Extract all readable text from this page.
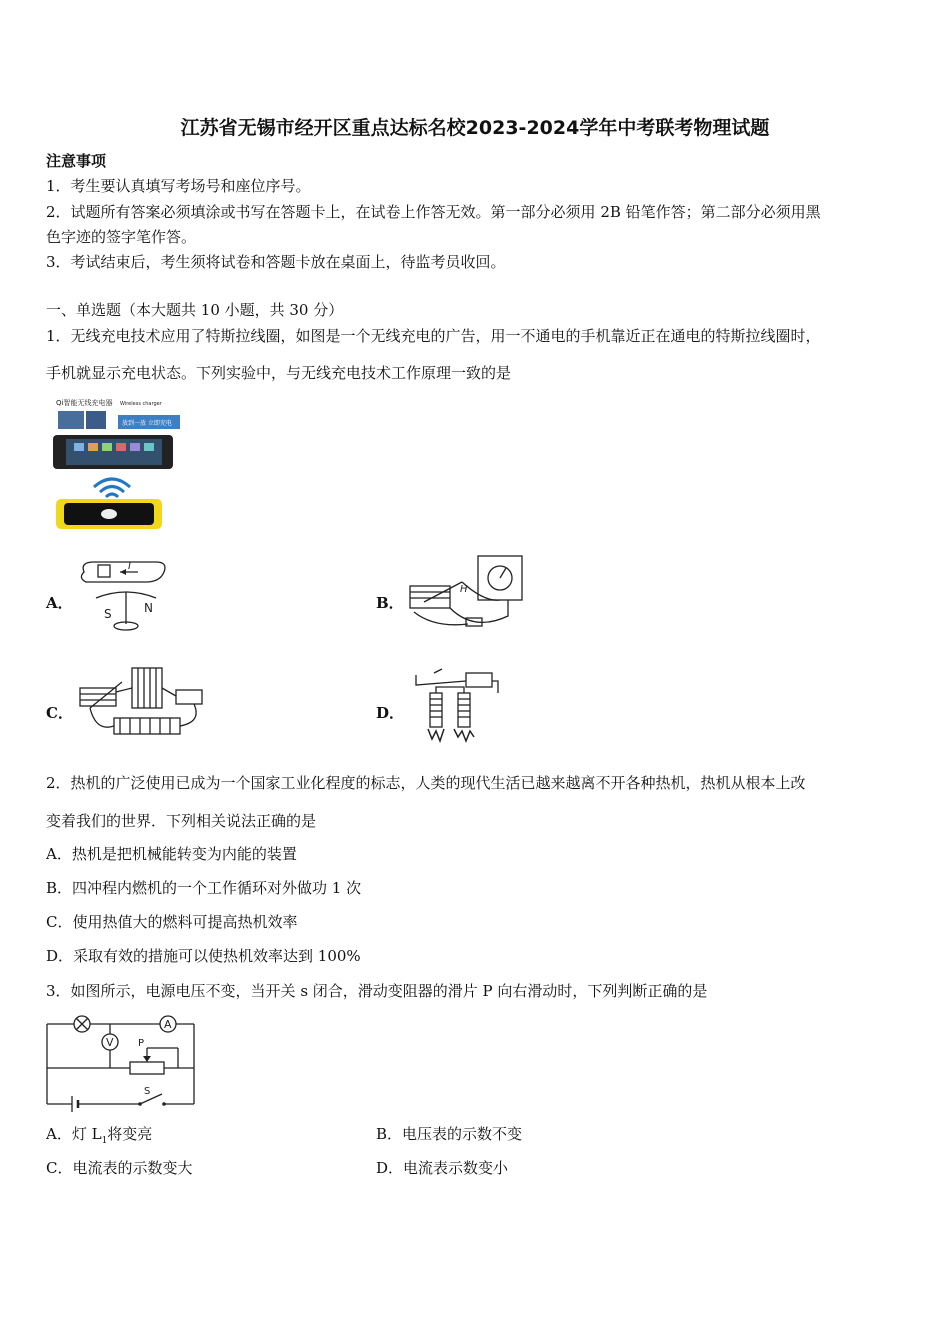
江苏省无锡市经开区重点达标名校2023-2024学年中考联考物理试题
注意事项
1．考生要认真填写考场号和座位序号。
2．试题所有答案必须填涂或书写在答题卡上，在试卷上作答无效。第一部分必须用 2B 铅笔作答；第二部分必须用黑
色字迹的签字笔作答。
3．考试结束后，考生须将试卷和答题卡放在桌面上，待监考员收回。
一、单选题（本大题共 10 小题，共 30 分）
1．无线充电技术应用了特斯拉线圈，如图是一个无线充电的广告，用一不通电的手机靠近正在通电的特斯拉线圈时，
手机就显示充电状态。下列实验中，与无线充电技术工作原理一致的是
Qi智能无线充电器 Wireless charger
放到一放 立即充电
A．
I
S	N	B．
H
C．	D．
2．热机的广泛使用已成为一个国家工业化程度的标志，人类的现代生活已越来越离不开各种热机，热机从根本上改
变着我们的世界．下列相关说法正确的是
A．热机是把机械能转变为内能的装置
B．四冲程内燃机的一个工作循环对外做功 1 次
C．使用热值大的燃料可提高热机效率
D．采取有效的措施可以使热机效率达到 100%
3．如图所示，电源电压不变，当开关 s 闭合，滑动变阻器的滑片 P 向右滑动时，下列判断正确的是
A
V P
S
A．灯 $L_1$将变亮	B．电压表的示数不变
C．电流表的示数变大	D．电流表示数变小
